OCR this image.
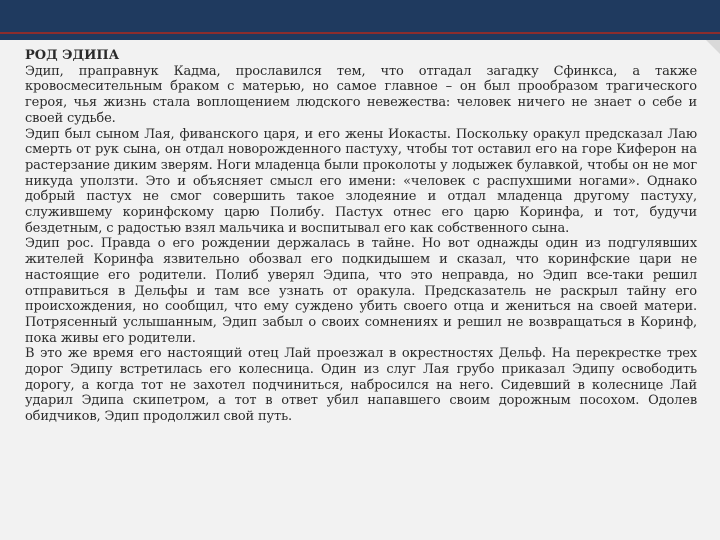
РОД ЭДИПА

Эдип, праправнук Кадма, прославился тем, что отгадал загадку Сфинкса, а также кровосмесительным браком с матерью, но самое главное – он был прообразом трагического героя, чья жизнь стала воплощением людского невежества: человек ничего не знает о себе и своей судьбе.

Эдип был сыном Лая, фиванского царя, и его жены Иокасты. Поскольку оракул предсказал Лаю смерть от рук сына, он отдал новорожденного пастуху, чтобы тот оставил его на горе Киферон на растерзание диким зверям. Ноги младенца были проколоты у лодыжек булавкой, чтобы он не мог никуда уползти. Это и объясняет смысл его имени: «человек с распухшими ногами». Однако добрый пастух не смог совершить такое злодеяние и отдал младенца другому пастуху, служившему коринфскому царю Полибу. Пастух отнес его царю Коринфа, и тот, будучи бездетным, с радостью взял мальчика и воспитывал его как собственного сына.

Эдип рос. Правда о его рождении держалась в тайне. Но вот однажды один из подгулявших жителей Коринфа язвительно обозвал его подкидышем и сказал, что коринфские цари не настоящие его родители. Полиб уверял Эдипа, что это неправда, но Эдип все-таки решил отправиться в Дельфы и там все узнать от оракула. Предсказатель не раскрыл тайну его происхождения, но сообщил, что ему суждено убить своего отца и жениться на своей матери. Потрясенный услышанным, Эдип забыл о своих сомнениях и решил не возвращаться в Коринф, пока живы его родители.

В это же время его настоящий отец Лай проезжал в окрестностях Дельф. На перекрестке трех дорог Эдипу встретилась его колесница. Один из слуг Лая грубо приказал Эдипу освободить дорогу, а когда тот не захотел подчиниться, набросился на него. Сидевший в колеснице Лай ударил Эдипа скипетром, а тот в ответ убил напавшего своим дорожным посохом. Одолев обидчиков, Эдип продолжил свой путь.
